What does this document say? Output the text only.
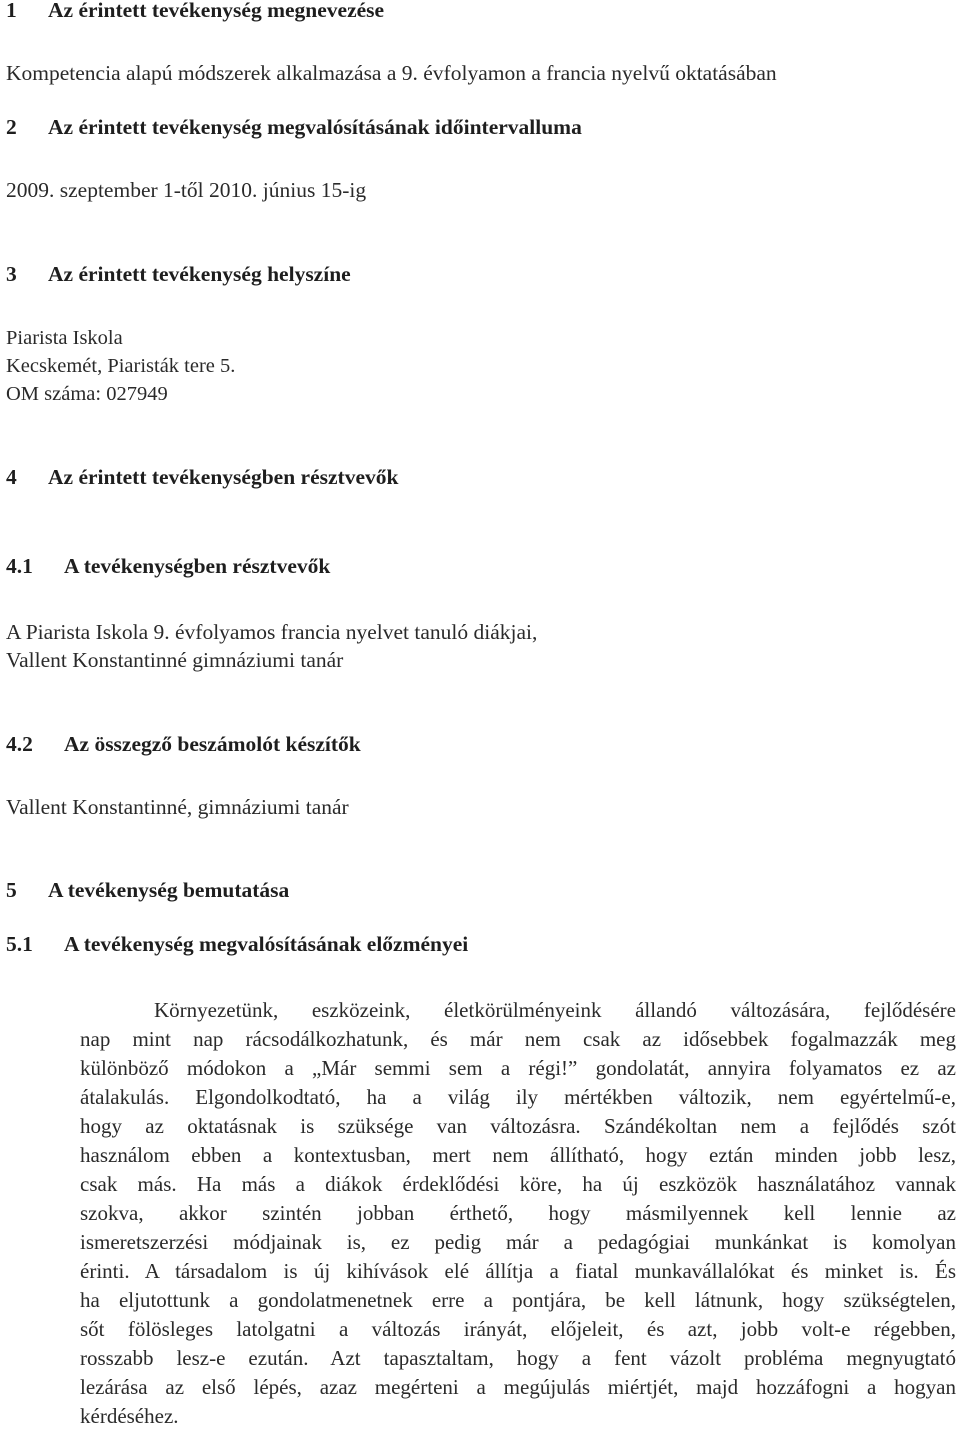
1 Az érintett tevékenység megnevezése
Kompetencia alapú módszerek alkalmazása a 9. évfolyamon a francia nyelvű oktatásában
2 Az érintett tevékenység megvalósításának időintervalluma
2009. szeptember 1-től 2010. június 15-ig
3 Az érintett tevékenység helyszíne
Piarista Iskola
Kecskemét, Piaristák tere 5.
OM száma: 027949
4 Az érintett tevékenységben résztvevők
4.1 A tevékenységben résztvevők
A Piarista Iskola 9. évfolyamos francia nyelvet tanuló diákjai,
Vallent Konstantinné gimnáziumi tanár
4.2 Az összegző beszámolót készítők
Vallent Konstantinné, gimnáziumi tanár
5 A tevékenység bemutatása
5.1 A tevékenység megvalósításának előzményei
Környezetünk, eszközeink, életkörülményeink állandó változására, fejlődésére
nap mint nap rácsodálkozhatunk, és már nem csak az idősebbek fogalmazzák meg
különböző módokon a „Már semmi sem a régi!” gondolatát, annyira folyamatos ez az
átalakulás. Elgondolkodtató, ha a világ ily mértékben változik, nem egyértelmű-e,
hogy az oktatásnak is szüksége van változásra. Szándékoltan nem a fejlődés szót
használom ebben a kontextusban, mert nem állítható, hogy eztán minden jobb lesz,
csak más. Ha más a diákok érdeklődési köre, ha új eszközök használatához vannak
szokva, akkor szintén jobban érthető, hogy másmilyennek kell lennie az
ismeretszerzési módjainak is, ez pedig már a pedagógiai munkánkat is komolyan
érinti. A társadalom is új kihívások elé állítja a fiatal munkavállalókat és minket is. És
ha eljutottunk a gondolatmenetnek erre a pontjára, be kell látnunk, hogy szükségtelen,
sőt fölösleges latolgatni a változás irányát, előjeleit, és azt, jobb volt-e régebben,
rosszabb lesz-e ezután. Azt tapasztaltam, hogy a fent vázolt probléma megnyugtató
lezárása az első lépés, azaz megérteni a megújulás miértjét, majd hozzáfogni a hogyan
kérdéséhez.
